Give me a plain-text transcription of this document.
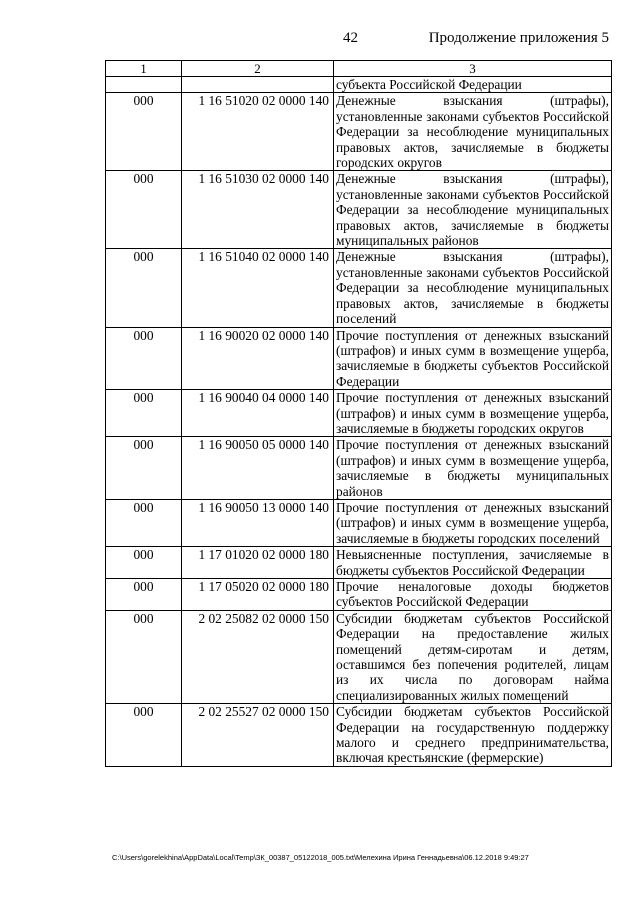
42	Продолжение приложения 5
1	2	3
		субъекта Российской Федерации
000	1 16 51020 02 0000 140	Денежные взыскания (штрафы), установленные законами субъектов Российской Федерации за несоблюдение муниципальных правовых актов, зачисляемые в бюджеты городских округов
000	1 16 51030 02 0000 140	Денежные взыскания (штрафы), установленные законами субъектов Российской Федерации за несоблюдение муниципальных правовых актов, зачисляемые в бюджеты муниципальных районов
000	1 16 51040 02 0000 140	Денежные взыскания (штрафы), установленные законами субъектов Российской Федерации за несоблюдение муниципальных правовых актов, зачисляемые в бюджеты поселений
000	1 16 90020 02 0000 140	Прочие поступления от денежных взысканий (штрафов) и иных сумм в возмещение ущерба, зачисляемые в бюджеты субъектов Российской Федерации
000	1 16 90040 04 0000 140	Прочие поступления от денежных взысканий (штрафов) и иных сумм в возмещение ущерба, зачисляемые в бюджеты городских округов
000	1 16 90050 05 0000 140	Прочие поступления от денежных взысканий (штрафов) и иных сумм в возмещение ущерба, зачисляемые в бюджеты муниципальных районов
000	1 16 90050 13 0000 140	Прочие поступления от денежных взысканий (штрафов) и иных сумм в возмещение ущерба, зачисляемые в бюджеты городских поселений
000	1 17 01020 02 0000 180	Невыясненные поступления, зачисляемые в бюджеты субъектов Российской Федерации
000	1 17 05020 02 0000 180	Прочие неналоговые доходы бюджетов субъектов Российской Федерации
000	2 02 25082 02 0000 150	Субсидии бюджетам субъектов Российской Федерации на предоставление жилых помещений детям-сиротам и детям, оставшимся без попечения родителей, лицам из их числа по договорам найма специализированных жилых помещений
000	2 02 25527 02 0000 150	Субсидии бюджетам субъектов Российской Федерации на государственную поддержку малого и среднего предпринимательства, включая крестьянские (фермерские)
C:\Users\gorelekhina\AppData\Local\Temp\ЗК_00387_05122018_005.txt\Мелехина Ирина Геннадьевна\06.12.2018 9:49:27
